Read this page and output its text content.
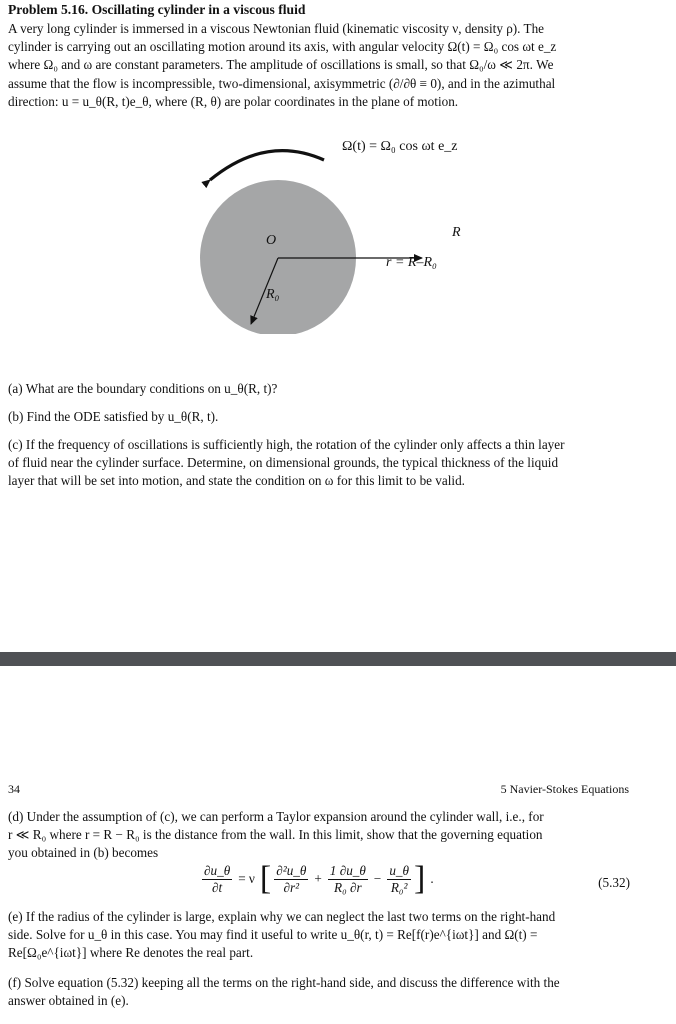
Problem 5.16. Oscillating cylinder in a viscous fluid

A very long cylinder is immersed in a viscous Newtonian fluid (kinematic viscosity ν, density ρ). The

cylinder is carrying out an oscillating motion around its axis, with angular velocity Ω(t) = Ω₀ cos ωt e_z

where Ω₀ and ω are constant parameters. The amplitude of oscillations is small, so that Ω₀/ω ≪ 2π. We

assume that the flow is incompressible, two-dimensional, axisymmetric (∂/∂θ ≡ 0), and in the azimuthal

direction: u = u_θ(R, t)e_θ, where (R, θ) are polar coordinates in the plane of motion.

Ω(t) = Ω₀ cos ωt e_z
O
R
r = R–R₀
R₀
(a) What are the boundary conditions on u_θ(R, t)?
(b) Find the ODE satisfied by u_θ(R, t).
(c) If the frequency of oscillations is sufficiently high, the rotation of the cylinder only affects a thin layer
of fluid near the cylinder surface. Determine, on dimensional grounds, the typical thickness of the liquid
layer that will be set into motion, and state the condition on ω for this limit to be valid.
34	5 Navier-Stokes Equations
(d) Under the assumption of (c), we can perform a Taylor expansion around the cylinder wall, i.e., for
r ≪ R₀ where r = R − R₀ is the distance from the wall. In this limit, show that the governing equation
you obtained in (b) becomes
$\frac{\partial u\_\theta}{\partial t} = \nu$ [ $\frac{\text{∂²u\_θ}}{\text{∂r²}} + \frac{1 \partial u\_\theta}{\text{R₀ ∂r}} - \frac{u\_\theta}{\text{R₀²}}$ ] .	(5.32)
(e) If the radius of the cylinder is large, explain why we can neglect the last two terms on the right-hand
side. Solve for u_θ in this case. You may find it useful to write u_θ(r, t) = Re[f(r)e^{iωt}] and Ω(t) =
Re[Ω₀e^{iωt}] where Re denotes the real part.
(f) Solve equation (5.32) keeping all the terms on the right-hand side, and discuss the difference with the
answer obtained in (e).
